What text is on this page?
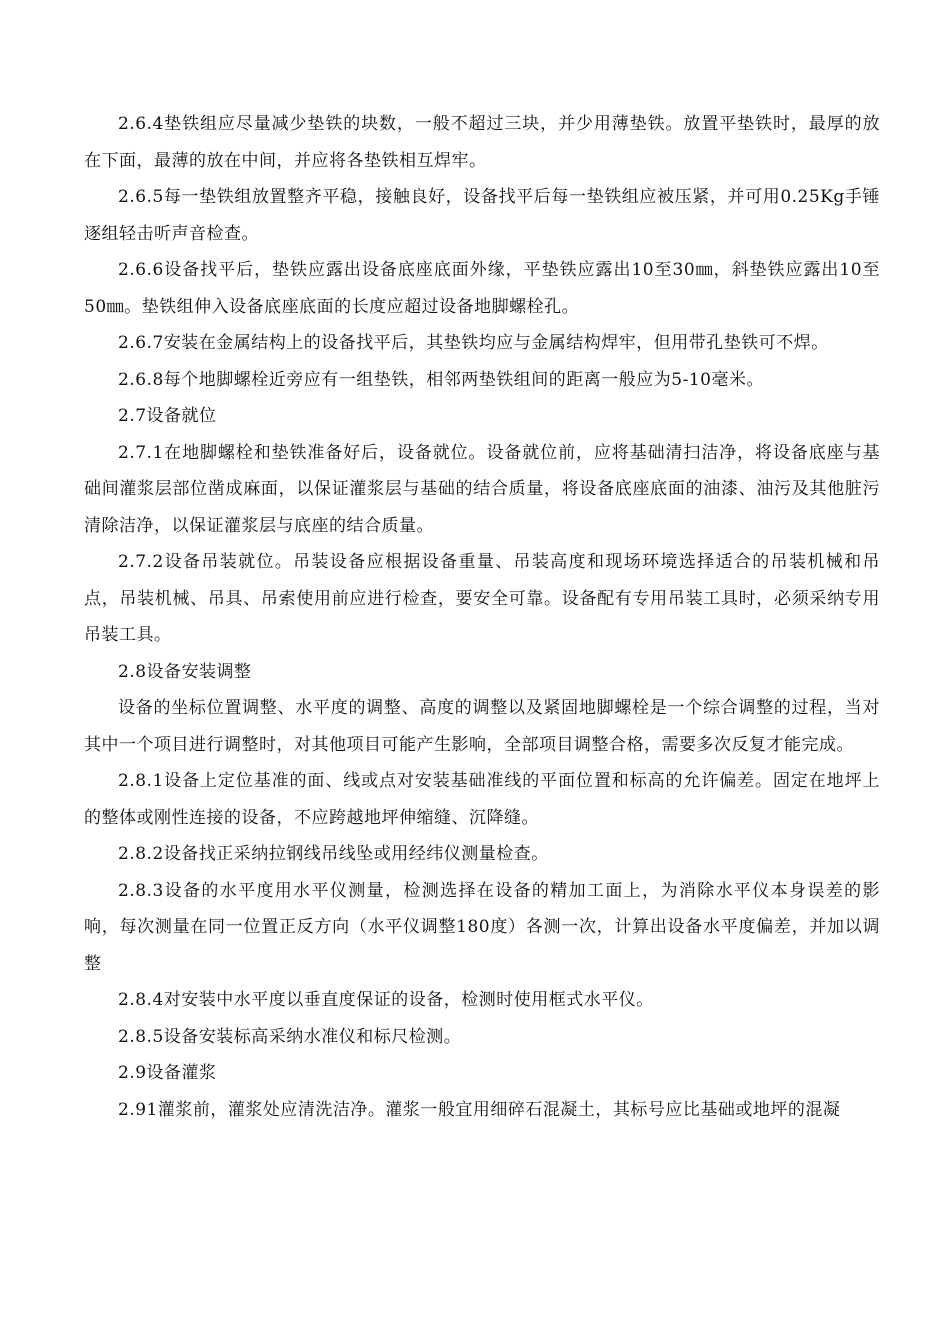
2.6.4垫铁组应尽量减少垫铁的块数，一般不超过三块，并少用薄垫铁。放置平垫铁时，最厚的放在下面，最薄的放在中间，并应将各垫铁相互焊牢。

2.6.5每一垫铁组放置整齐平稳，接触良好，设备找平后每一垫铁组应被压紧，并可用0.25Kg手锤逐组轻击听声音检查。

2.6.6设备找平后，垫铁应露出设备底座底面外缘，平垫铁应露出10至30㎜，斜垫铁应露出10至50㎜。垫铁组伸入设备底座底面的长度应超过设备地脚螺栓孔。

2.6.7安装在金属结构上的设备找平后，其垫铁均应与金属结构焊牢，但用带孔垫铁可不焊。

2.6.8每个地脚螺栓近旁应有一组垫铁，相邻两垫铁组间的距离一般应为5-10毫米。

2.7设备就位

2.7.1在地脚螺栓和垫铁准备好后，设备就位。设备就位前，应将基础清扫洁净，将设备底座与基础间灌浆层部位凿成麻面，以保证灌浆层与基础的结合质量，将设备底座底面的油漆、油污及其他脏污清除洁净，以保证灌浆层与底座的结合质量。

2.7.2设备吊装就位。吊装设备应根据设备重量、吊装高度和现场环境选择适合的吊装机械和吊点，吊装机械、吊具、吊索使用前应进行检查，要安全可靠。设备配有专用吊装工具时，必须采纳专用吊装工具。

2.8设备安装调整

设备的坐标位置调整、水平度的调整、高度的调整以及紧固地脚螺栓是一个综合调整的过程，当对其中一个项目进行调整时，对其他项目可能产生影响，全部项目调整合格，需要多次反复才能完成。

2.8.1设备上定位基准的面、线或点对安装基础准线的平面位置和标高的允许偏差。固定在地坪上的整体或刚性连接的设备，不应跨越地坪伸缩缝、沉降缝。

2.8.2设备找正采纳拉钢线吊线坠或用经纬仪测量检查。

2.8.3设备的水平度用水平仪测量，检测选择在设备的精加工面上，为消除水平仪本身误差的影响，每次测量在同一位置正反方向（水平仪调整180度）各测一次，计算出设备水平度偏差，并加以调整

2.8.4对安装中水平度以垂直度保证的设备，检测时使用框式水平仪。

2.8.5设备安装标高采纳水准仪和标尺检测。

2.9设备灌浆

2.91灌浆前，灌浆处应清洗洁净。灌浆一般宜用细碎石混凝土，其标号应比基础或地坪的混凝
